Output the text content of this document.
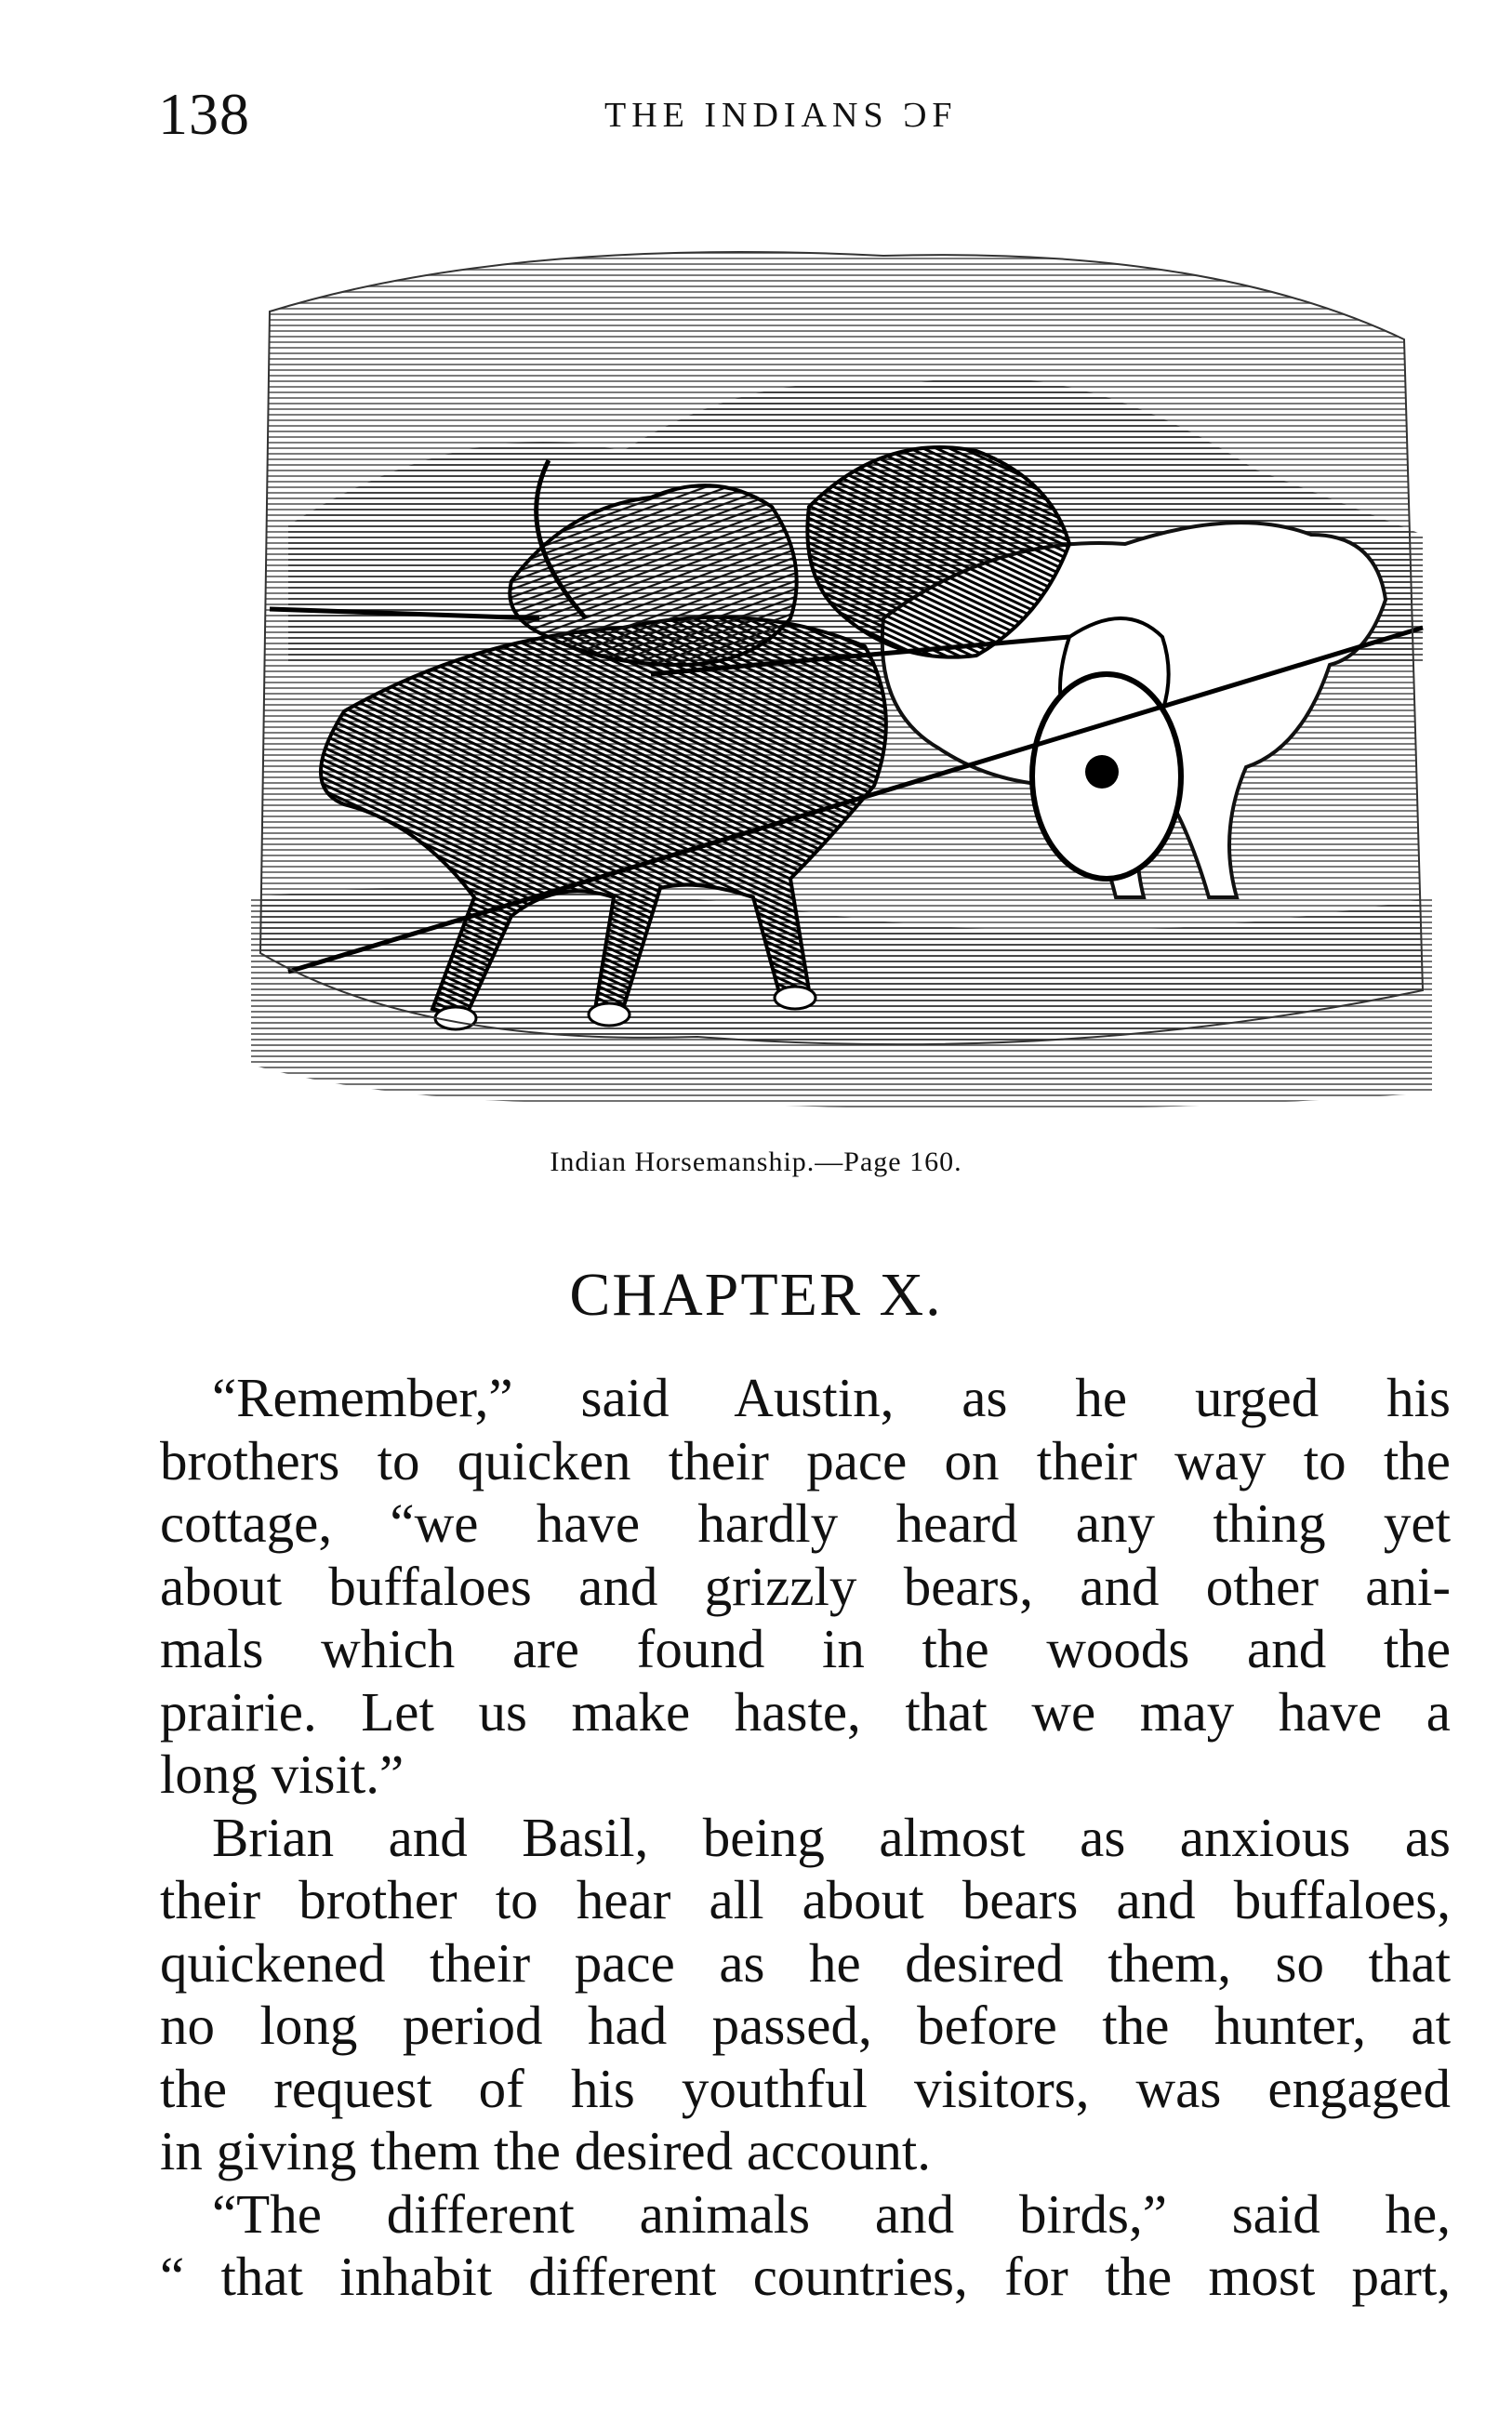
138	THE INDIANS ƆF
Indian Horsemanship.—Page 160.
CHAPTER X.
“Remember,” said Austin, as he urged his
brothers to quicken their pace on their way to the
cottage, “we have hardly heard any thing yet
about buffaloes and grizzly bears, and other ani-
mals which are found in the woods and the
prairie. Let us make haste, that we may have a
long visit.”
Brian and Basil, being almost as anxious as
their brother to hear all about bears and buffaloes,
quickened their pace as he desired them, so that
no long period had passed, before the hunter, at
the request of his youthful visitors, was engaged
in giving them the desired account.
“The different animals and birds,” said he,
“ that inhabit different countries, for the most part,
